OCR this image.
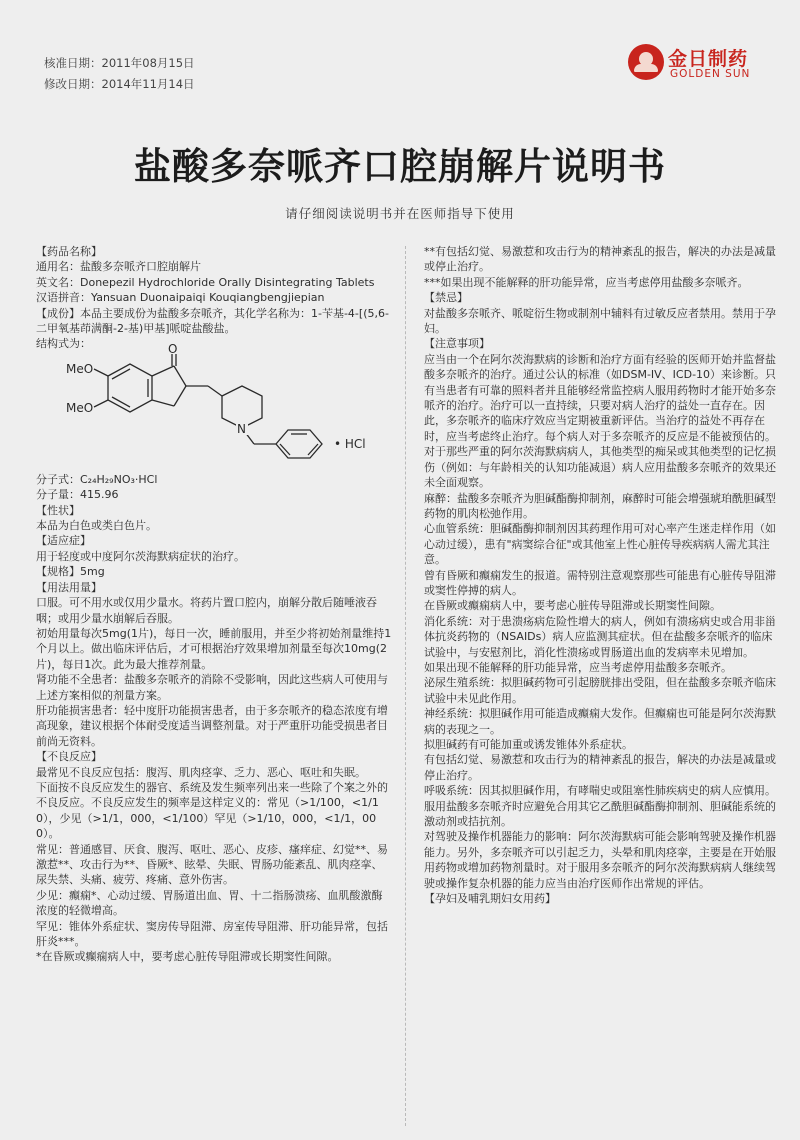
核准日期：2011年08月15日
修改日期：2014年11月14日
金日制药
GOLDEN SUN
盐酸多奈哌齐口腔崩解片说明书
请仔细阅读说明书并在医师指导下使用

【药品名称】

通用名：盐酸多奈哌齐口腔崩解片

英文名：Donepezil Hydrochloride Orally Disintegrating Tablets

汉语拼音：Yansuan Duonaipaiqi Kouqiangbengjiepian

【成份】本品主要成份为盐酸多奈哌齐，其化学名称为：1-苄基-4-[(5,6-二甲氧基茚满酮-2-基)甲基]哌啶盐酸盐。

结构式为：

MeO
MeO
O
N
• HCl

分子式：C₂₄H₂₉NO₃·HCl

分子量：415.96

【性状】

本品为白色或类白色片。

【适应症】

用于轻度或中度阿尔茨海默病症状的治疗。

【规格】5mg

【用法用量】

口服。可不用水或仅用少量水。将药片置口腔内，崩解分散后随唾液吞咽；或用少量水崩解后吞服。

初始用量每次5mg(1片)，每日一次，睡前服用，并至少将初始剂量维持1个月以上。做出临床评估后，才可根据治疗效果增加剂量至每次10mg(2片)，每日1次。此为最大推荐剂量。

肾功能不全患者：盐酸多奈哌齐的消除不受影响，因此这些病人可使用与上述方案相似的剂量方案。

肝功能损害患者：轻中度肝功能损害患者，由于多奈哌齐的稳态浓度有增高现象，建议根据个体耐受度适当调整剂量。对于严重肝功能受损患者目前尚无资料。

【不良反应】

最常见不良反应包括：腹泻、肌肉痉挛、乏力、恶心、呕吐和失眠。

下面按不良反应发生的器官、系统及发生频率列出来一些除了个案之外的不良反应。不良反应发生的频率是这样定义的：常见（>1/100，<1/10），少见（>1/1，000，<1/100）罕见（>1/10，000，<1/1，000）。

常见：普通感冒、厌食、腹泻、呕吐、恶心、皮疹、瘙痒症、幻觉**、易激惹**、攻击行为**、昏厥*、眩晕、失眠、胃肠功能紊乱、肌肉痉挛、尿失禁、头痛、疲劳、疼痛、意外伤害。

少见：癫痫*、心动过缓、胃肠道出血、胃、十二指肠溃疡、血肌酸激酶浓度的轻微增高。

罕见：锥体外系症状、窦房传导阻滞、房室传导阻滞、肝功能异常，包括肝炎***。

*在昏厥或癫痫病人中，要考虑心脏传导阻滞或长期窦性间隙。

**有包括幻觉、易激惹和攻击行为的精神紊乱的报告，解决的办法是减量或停止治疗。

***如果出现不能解释的肝功能异常，应当考虑停用盐酸多奈哌齐。

【禁忌】

对盐酸多奈哌齐、哌啶衍生物或制剂中辅料有过敏反应者禁用。禁用于孕妇。

【注意事项】

应当由一个在阿尔茨海默病的诊断和治疗方面有经验的医师开始并监督盐酸多奈哌齐的治疗。通过公认的标准（如DSM-IV、ICD-10）来诊断。只有当患者有可靠的照料者并且能够经常监控病人服用药物时才能开始多奈哌齐的治疗。治疗可以一直持续，只要对病人治疗的益处一直存在。因此，多奈哌齐的临床疗效应当定期被重新评估。当治疗的益处不再存在时，应当考虑终止治疗。每个病人对于多奈哌齐的反应是不能被预估的。对于那些严重的阿尔茨海默病病人，其他类型的痴呆或其他类型的记忆损伤（例如：与年龄相关的认知功能减退）病人应用盐酸多奈哌齐的效果还未全面观察。

麻醉：盐酸多奈哌齐为胆碱酯酶抑制剂，麻醉时可能会增强琥珀酰胆碱型药物的肌肉松弛作用。

心血管系统：胆碱酯酶抑制剂因其药理作用可对心率产生迷走样作用（如心动过缓），患有"病窦综合征"或其他室上性心脏传导疾病病人需尤其注意。

曾有昏厥和癫痫发生的报道。需特别注意观察那些可能患有心脏传导阻滞或窦性停搏的病人。

在昏厥或癫痫病人中，要考虑心脏传导阻滞或长期窦性间隙。

消化系统：对于患溃疡病危险性增大的病人，例如有溃疡病史或合用非甾体抗炎药物的（NSAIDs）病人应监测其症状。但在盐酸多奈哌齐的临床试验中，与安慰剂比，消化性溃疡或胃肠道出血的发病率未见增加。

如果出现不能解释的肝功能异常，应当考虑停用盐酸多奈哌齐。

泌尿生殖系统：拟胆碱药物可引起膀胱排出受阻，但在盐酸多奈哌齐临床试验中未见此作用。

神经系统：拟胆碱作用可能造成癫痫大发作。但癫痫也可能是阿尔茨海默病的表现之一。

拟胆碱药有可能加重或诱发锥体外系症状。

有包括幻觉、易激惹和攻击行为的精神紊乱的报告，解决的办法是减量或停止治疗。

呼吸系统：因其拟胆碱作用，有哮喘史或阻塞性肺疾病史的病人应慎用。服用盐酸多奈哌齐时应避免合用其它乙酰胆碱酯酶抑制剂、胆碱能系统的激动剂或拮抗剂。

对驾驶及操作机器能力的影响：阿尔茨海默病可能会影响驾驶及操作机器能力。另外，多奈哌齐可以引起乏力，头晕和肌肉痉挛，主要是在开始服用药物或增加药物剂量时。对于服用多奈哌齐的阿尔茨海默病病人继续驾驶或操作复杂机器的能力应当由治疗医师作出常规的评估。

【孕妇及哺乳期妇女用药】
